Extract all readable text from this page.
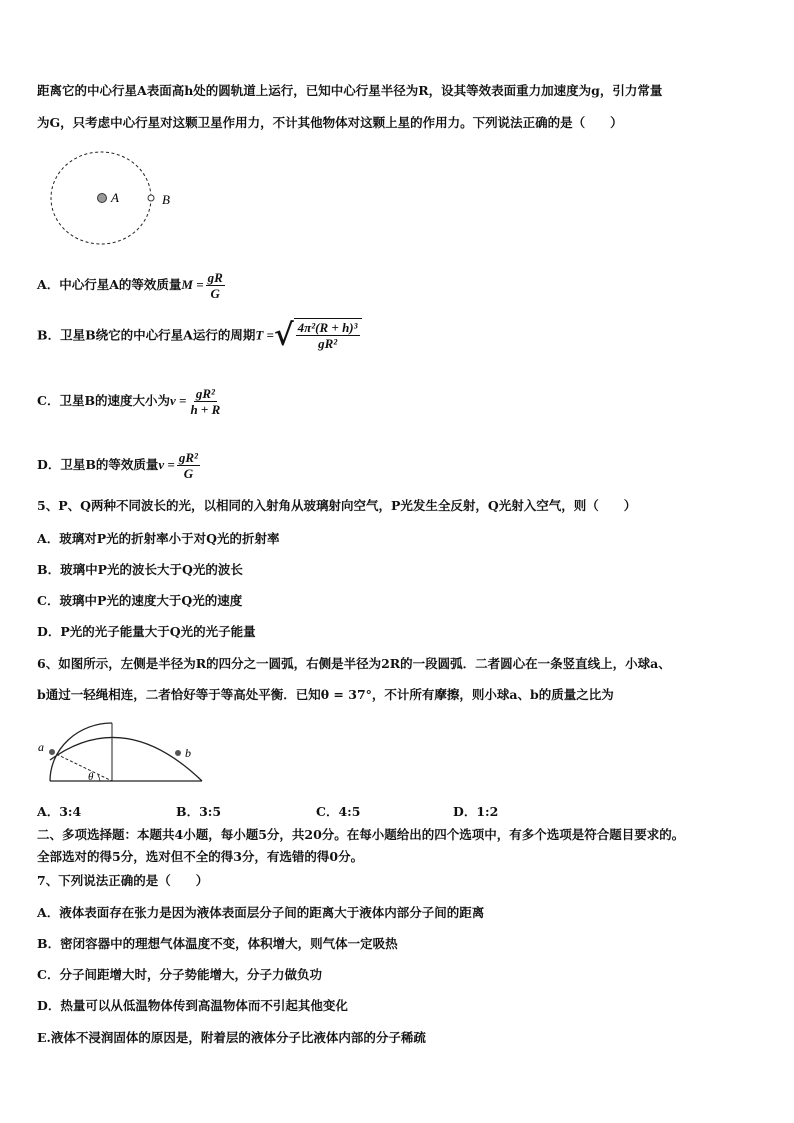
距离它的中心行星A表面高h处的圆轨道上运行，已知中心行星半径为R，设其等效表面重力加速度为g，引力常量
为G，只考虑中心行星对这颗卫星作用力，不计其他物体对这颗上星的作用力。下列说法正确的是（　　）
A	B
A．中心行星A的等效质量$M = \frac{gR}{G}$
B．卫星B绕它的中心行星A运行的周期T = √ $\frac{\text{4π²(R + h)³}}{\text{gR²}}$
C．卫星B的速度大小为$v = \frac{\text{gR²}}{h + R}$
D．卫星B的等效质量$v = \frac{\text{gR²}}{G}$
5、P、Q两种不同波长的光，以相同的入射角从玻璃射向空气，P光发生全反射，Q光射入空气，则（　　）
A．玻璃对P光的折射率小于对Q光的折射率
B．玻璃中P光的波长大于Q光的波长
C．玻璃中P光的速度大于Q光的速度
D．P光的光子能量大于Q光的光子能量
6、如图所示，左侧是半径为R的四分之一圆弧，右侧是半径为2R的一段圆弧．二者圆心在一条竖直线上，小球a、
b通过一轻绳相连，二者恰好等于等高处平衡．已知θ = 37°，不计所有摩擦，则小球a、b的质量之比为
a	b
θ
A．3:4	B．3:5	C．4:5	D．1:2
二、多项选择题：本题共4小题，每小题5分，共20分。在每小题给出的四个选项中，有多个选项是符合题目要求的。
全部选对的得5分，选对但不全的得3分，有选错的得0分。
7、下列说法正确的是（　　）
A．液体表面存在张力是因为液体表面层分子间的距离大于液体内部分子间的距离
B．密闭容器中的理想气体温度不变，体积增大，则气体一定吸热
C．分子间距增大时，分子势能增大，分子力做负功
D．热量可以从低温物体传到高温物体而不引起其他变化
E.液体不浸润固体的原因是，附着层的液体分子比液体内部的分子稀疏
